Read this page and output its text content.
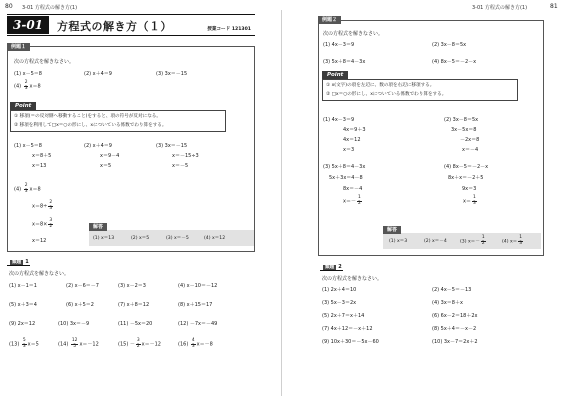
80 3-01 方程式の解き方(1)	3-01 方程式の解き方(1)	81
3-01	方程式の解き方（１）	授業コード 121301
例題１
次の方程式を解きなさい。
(1) x－5＝8	(2) x＋4＝9	(3) 3x＝－15
$(4) \frac{2}{3} x=8$
Point
① 移項(＝の反対側へ移動すること)をすると、項の符号が反対になる。
② 移項を利用して□x＝○の形にし、xについている係数でわり算をする。
(1) x－5＝8
x＝8＋5
x＝13
(2) x＋4＝9
x＝9－4
x＝5
(3) 3x＝－15
x＝－15÷3
x＝－5
$(4) \frac{2}{3} x=8$
$x=8\div \frac{2}{3}$
$x=8\times \frac{3}{2}$
x＝12
解答
(1) x＝13	(2) x＝5	(3) x＝－5	(4) x＝12
類題 1
次の方程式を解きなさい。
(1) x－1＝1	(2) x－6＝－7	(3) x－2＝3	(4) x－10＝－12
(5) x＋3＝4	(6) x＋5＝2	(7) x＋8＝12	(8) x＋15＝17
(9) 2x＝12	(10) 3x＝－9	(11) －5x＝20	(12) －7x＝－49
$(13) \frac{5}{3} x=5$	$(14) \frac{12}{5} x=-12$	$(15) - \frac{3}{2} x=-12$	$(16) \frac{4}{3} x=-8$
例題２
次の方程式を解きなさい。
(1) 4x－3＝9	(2) 3x－8＝5x
(3) 5x＋8＝4－3x	(4) 8x－5＝－2－x
Point
① x(文字)の項を左辺に、数の項を右辺に移項する。
② □x＝○の形にし、xについている係数でわり算をする。
(1) 4x－3＝9
4x＝9＋3
4x＝12
x＝3
(2) 3x－8＝5x
3x－5x＝8
－2x＝8
x＝－4
(3) 5x＋8＝4－3x
5x＋3x＝4－8
8x＝－4
$x=- \frac{1}{2}$
(4) 8x－5＝－2－x
8x＋x＝－2＋5
9x＝3
$x= \frac{1}{3}$
解答
(1) x＝3	(2) x＝－4	(3) $x=- \frac{1}{2}$	(4) $x= \frac{1}{3}$
類題 2
次の方程式を解きなさい。
(1) 2x＋4＝10	(2) 4x－5＝－13
(3) 5x－3＝2x	(4) 3x＝8＋x
(5) 2x＋7＝x＋14	(6) 6x－2＝18＋2x
(7) 4x＋12＝－x＋12	(8) 5x＋4＝－x－2
(9) 10x＋30＝－5x－60	(10) 3x－7＝2x＋2
